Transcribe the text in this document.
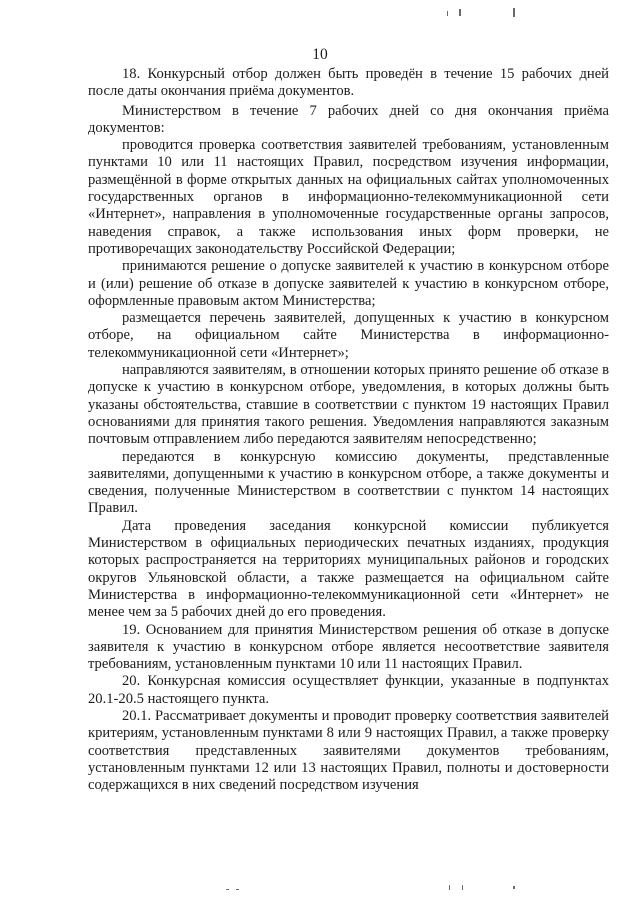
10

18. Конкурсный отбор должен быть проведён в течение 15 рабочих дней после даты окончания приёма документов.

Министерством в течение 7 рабочих дней со дня окончания приёма документов:

проводится проверка соответствия заявителей требованиям, установленным пунктами 10 или 11 настоящих Правил, посредством изучения информации, размещённой в форме открытых данных на официальных сайтах уполномоченных государственных органов в информационно-телекоммуникационной сети «Интернет», направления в уполномоченные государственные органы запросов, наведения справок, а также использования иных форм проверки, не противоречащих законодательству Российской Федерации;

принимаются решение о допуске заявителей к участию в конкурсном отборе и (или) решение об отказе в допуске заявителей к участию в конкурсном отборе, оформленные правовым актом Министерства;

размещается перечень заявителей, допущенных к участию в конкурсном отборе, на официальном сайте Министерства в информационно-телекоммуникационной сети «Интернет»;

направляются заявителям, в отношении которых принято решение об отказе в допуске к участию в конкурсном отборе, уведомления, в которых должны быть указаны обстоятельства, ставшие в соответствии с пунктом 19 настоящих Правил основаниями для принятия такого решения. Уведомления направляются заказным почтовым отправлением либо передаются заявителям непосредственно;

передаются в конкурсную комиссию документы, представленные заявителями, допущенными к участию в конкурсном отборе, а также документы и сведения, полученные Министерством в соответствии с пунктом 14 настоящих Правил.

Дата проведения заседания конкурсной комиссии публикуется Министерством в официальных периодических печатных изданиях, продукция которых распространяется на территориях муниципальных районов и городских округов Ульяновской области, а также размещается на официальном сайте Министерства в информационно-телекоммуникационной сети «Интернет» не менее чем за 5 рабочих дней до его проведения.

19. Основанием для принятия Министерством решения об отказе в допуске заявителя к участию в конкурсном отборе является несоответствие заявителя требованиям, установленным пунктами 10 или 11 настоящих Правил.

20. Конкурсная комиссия осуществляет функции, указанные в подпунктах 20.1-20.5 настоящего пункта.

20.1. Рассматривает документы и проводит проверку соответствия заявителей критериям, установленным пунктами 8 или 9 настоящих Правил, а также проверку соответствия представленных заявителями документов требованиям, установленным пунктами 12 или 13 настоящих Правил, полноты и достоверности содержащихся в них сведений посредством изучения
